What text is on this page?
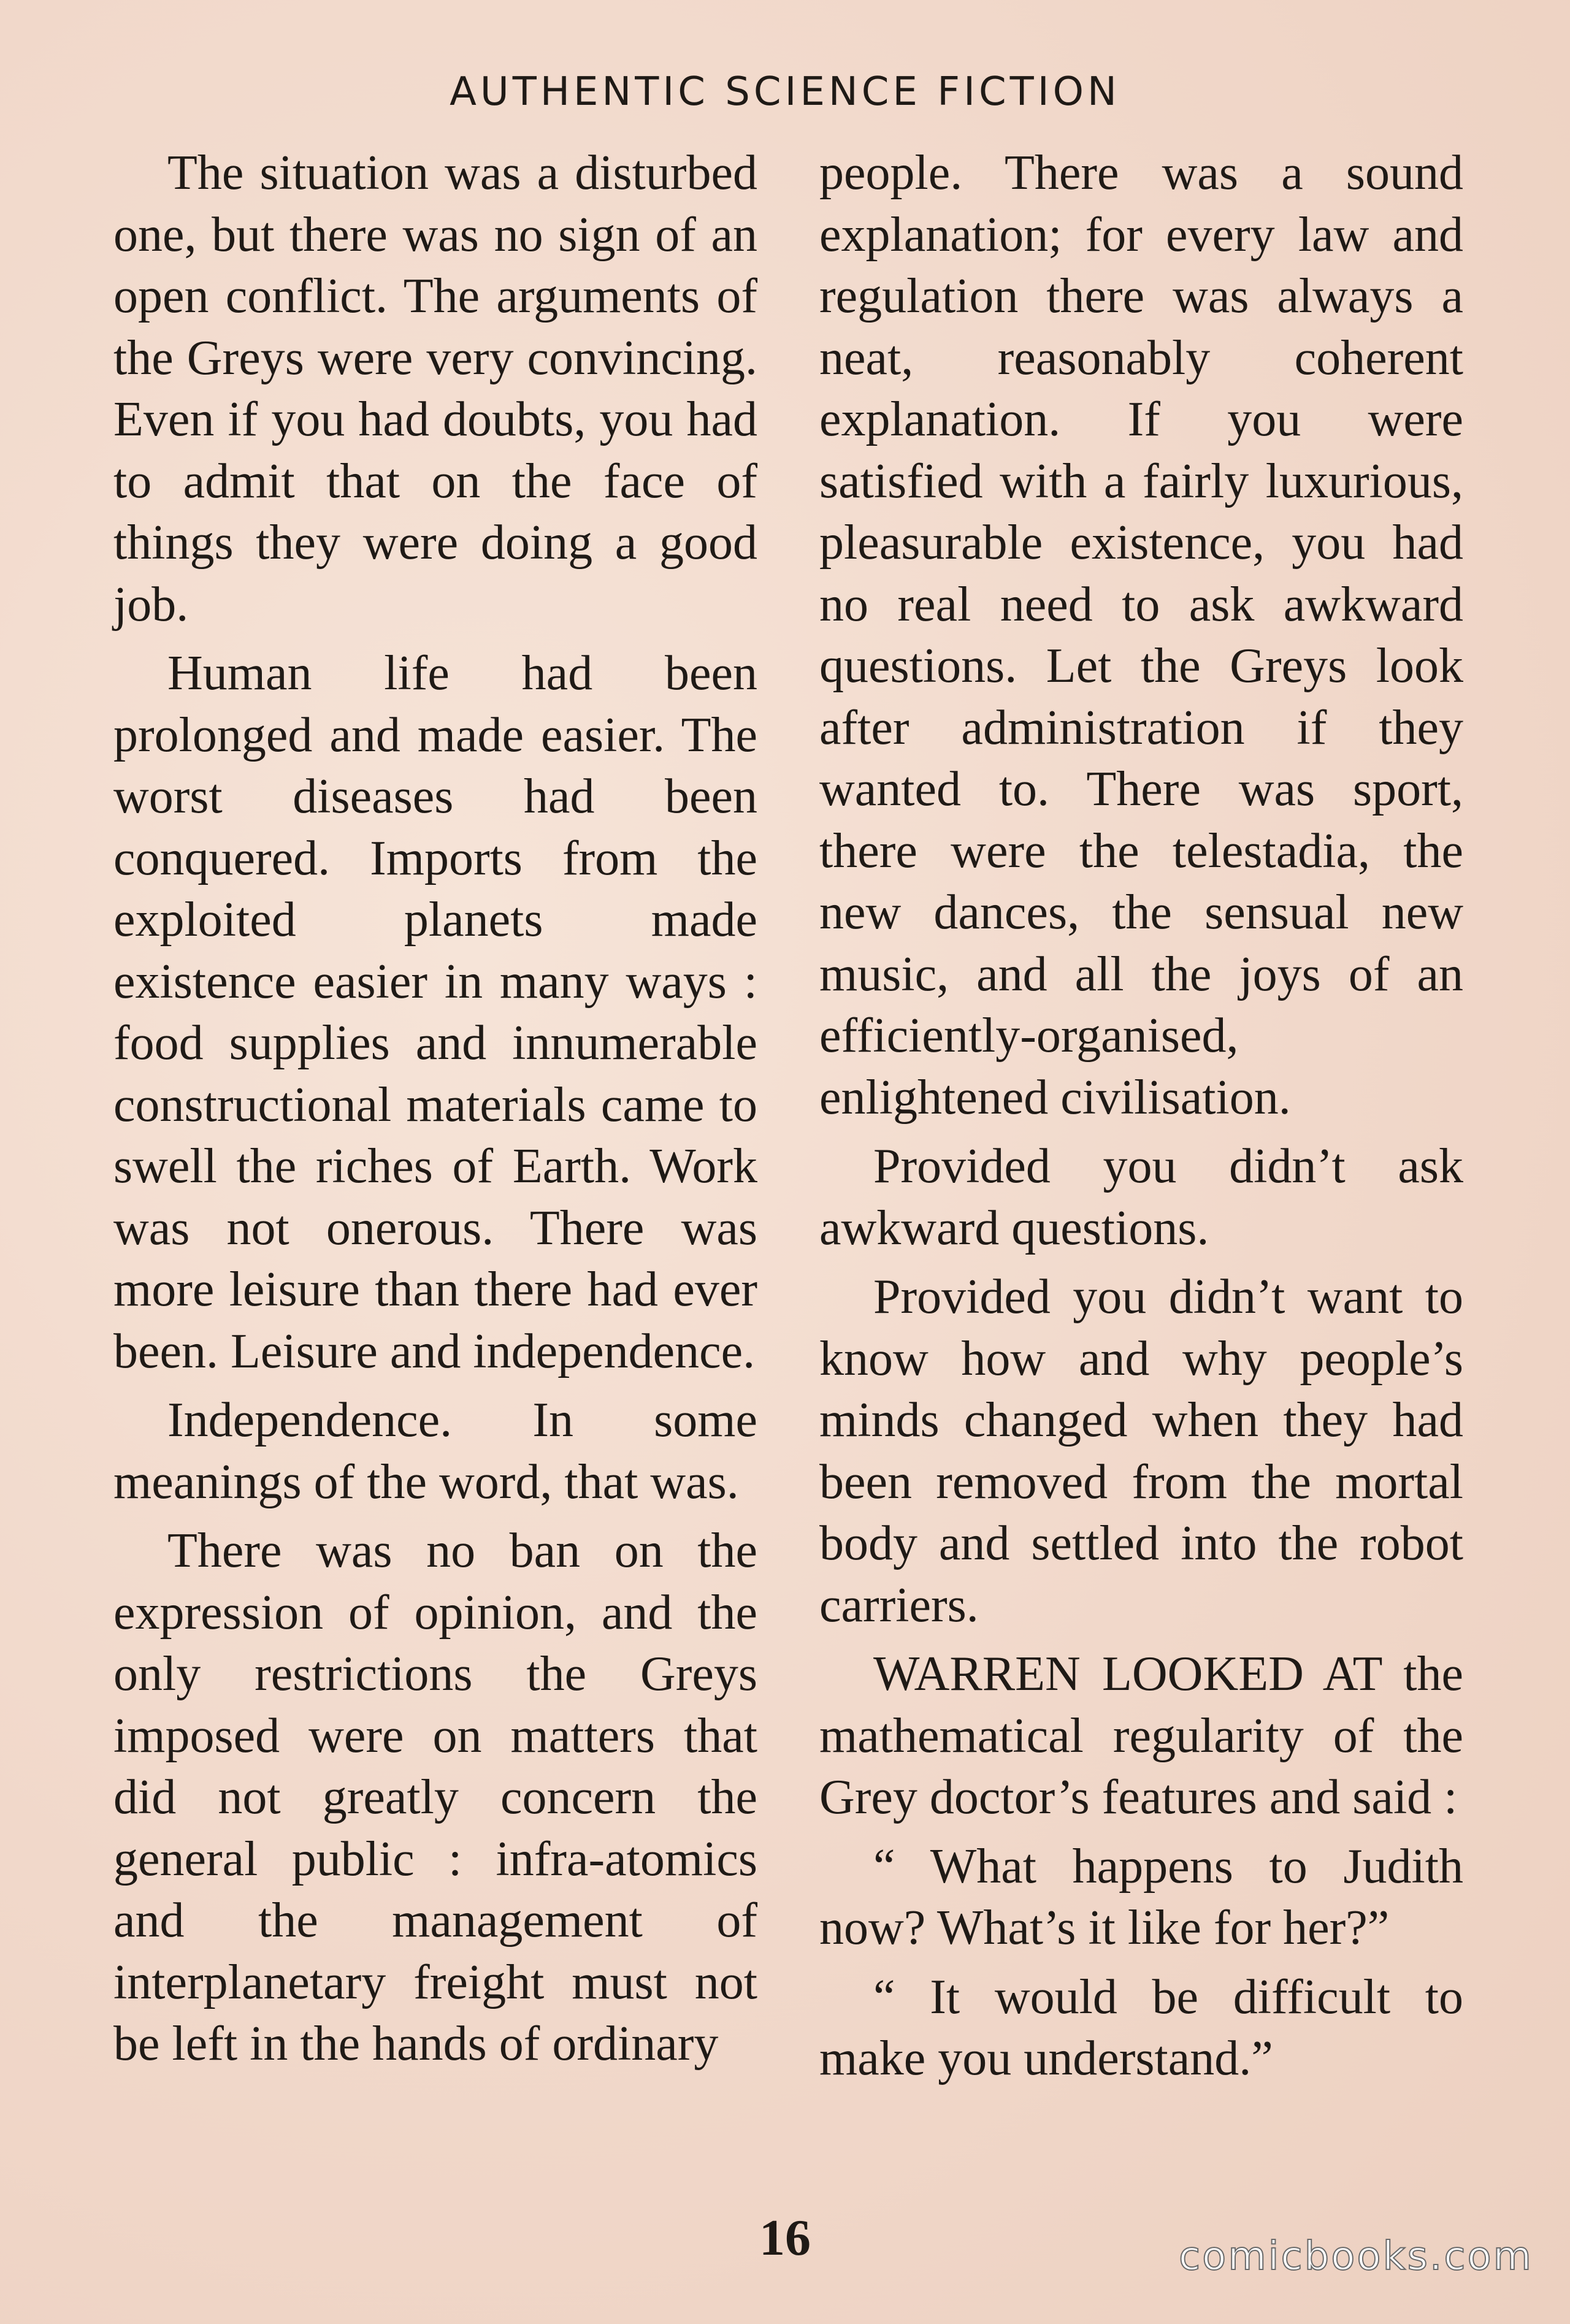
AUTHENTIC SCIENCE FICTION

The situation was a disturbed one, but there was no sign of an open conflict. The arguments of the Greys were very convincing. Even if you had doubts, you had to admit that on the face of things they were doing a good job.

Human life had been prolonged and made easier. The worst diseases had been conquered. Imports from the exploited planets made existence easier in many ways : food supplies and innumerable constructional materials came to swell the riches of Earth. Work was not onerous. There was more leisure than there had ever been. Leisure and independence.

Independence. In some meanings of the word, that was.

There was no ban on the expression of opinion, and the only restrictions the Greys imposed were on matters that did not greatly concern the general public : infra-atomics and the management of interplanetary freight must not be left in the hands of ordinary

people. There was a sound explanation; for every law and regulation there was always a neat, reasonably coherent explanation. If you were satisfied with a fairly luxurious, pleasurable existence, you had no real need to ask awkward questions. Let the Greys look after administration if they wanted to. There was sport, there were the telestadia, the new dances, the sensual new music, and all the joys of an efficiently-organised, enlightened civilisation.

Provided you didn’t ask awkward questions.

Provided you didn’t want to know how and why people’s minds changed when they had been removed from the mortal body and settled into the robot carriers.

WARREN LOOKED AT the mathematical regularity of the Grey doctor’s features and said :

“ What happens to Judith now? What’s it like for her?”

“ It would be difficult to make you understand.”

16	comicbooks.com
